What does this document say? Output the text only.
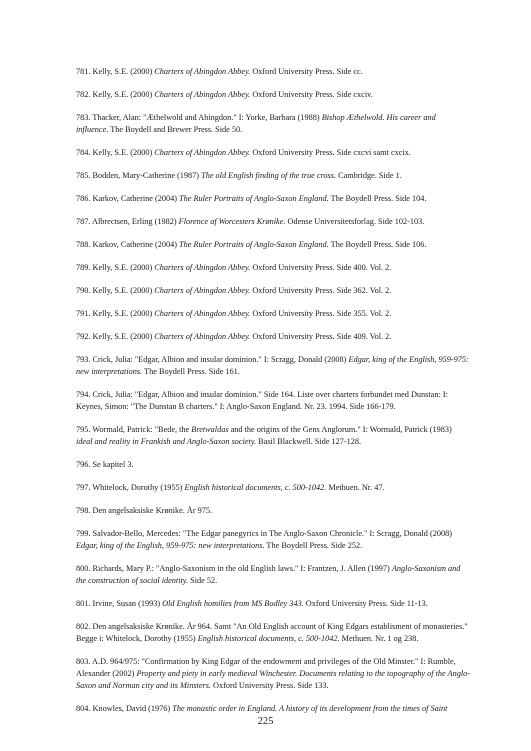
781. Kelly, S.E. (2000) Charters of Abingdon Abbey. Oxford University Press. Side cc.
782. Kelly, S.E. (2000) Charters of Abingdon Abbey. Oxford University Press. Side cxciv.
783. Thacker, Alan: "Æthelwold and Abingdon." I: Yorke, Barbara (1988) Bishop Æthelwold. His career and influence. The Boydell and Brewer Press. Side 50.
784. Kelly, S.E. (2000) Charters of Abingdon Abbey. Oxford University Press. Side cxcvi samt cxcix.
785. Bodden, Mary-Catherine (1987) The old English finding of the true cross. Cambridge. Side 1.
786. Karkov, Catherine (2004) The Ruler Portraits of Anglo-Saxon England. The Boydell Press. Side 104.
787. Albrectsen, Erling (1982) Florence af Worcesters Krønike. Odense Universitetsforlag. Side 102-103.
788. Karkov, Catherine (2004) The Ruler Portraits of Anglo-Saxon England. The Boydell Press. Side 106.
789. Kelly, S.E. (2000) Charters of Abingdon Abbey. Oxford University Press. Side 400. Vol. 2.
790. Kelly, S.E. (2000) Charters of Abingdon Abbey. Oxford University Press. Side 362. Vol. 2.
791. Kelly, S.E. (2000) Charters of Abingdon Abbey. Oxford University Press. Side 355. Vol. 2.
792. Kelly, S.E. (2000) Charters of Abingdon Abbey. Oxford University Press. Side 409. Vol. 2.
793. Crick, Julia: "Edgar, Albion and insular dominion." I: Scragg, Donald (2008) Edgar, king of the English, 959-975: new interpretations. The Boydell Press. Side 161.
794. Crick, Julia: "Edgar, Albion and insular dominion." Side 164. Liste over charters forbundet med Dunstan: I: Keynes, Simon: "The Dunstan B charters." I: Anglo-Saxon England. Nr. 23. 1994. Side 166-179.
795. Wormald, Patrick: "Bede, the Bretwaldas and the origins of the Gens Anglorum." I: Wormald, Patrick (1983) ideal and reality in Frankish and Anglo-Saxon society. Basil Blackwell. Side 127-128.
796. Se kapitel 3.
797. Whitelock, Dorothy (1955) English historical documents, c. 500-1042. Methuen. Nr. 47.
798. Den angelsaksiske Krønike. År 975.
799. Salvador-Bello, Mercedes: "The Edgar panegyrics in The Anglo-Saxon Chronicle." I: Scragg, Donald (2008) Edgar, king of the English, 959-975: new interpretations. The Boydell Press. Side 252.
800. Richards, Mary P.: "Anglo-Saxonism in the old English laws." I: Frantzen, J. Allen (1997) Anglo-Saxonism and the construction of social identity. Side 52.
801. Irvine, Susan (1993) Old English homilies from MS Bodley 343. Oxford University Press. Side 11-13.
802. Den angelsaksiske Krønike. År 964. Samt "An Old English account of King Edgars establisment of monasteries." Begge i: Whitelock, Dorothy (1955) English historical documents, c. 500-1042. Methuen. Nr. 1 og 238.
803. A.D. 964/975: "Confirmation by King Edgar of the endowment and privileges of the Old Minster." I: Rumble, Alexander (2002) Property and piety in early medieval Winchester. Documents relating to the topography of the Anglo-Saxon and Norman city and its Minsters. Oxford University Press. Side 133.
804. Knowles, David (1976) The monastic order in England. A history of its development from the times of Saint
225
